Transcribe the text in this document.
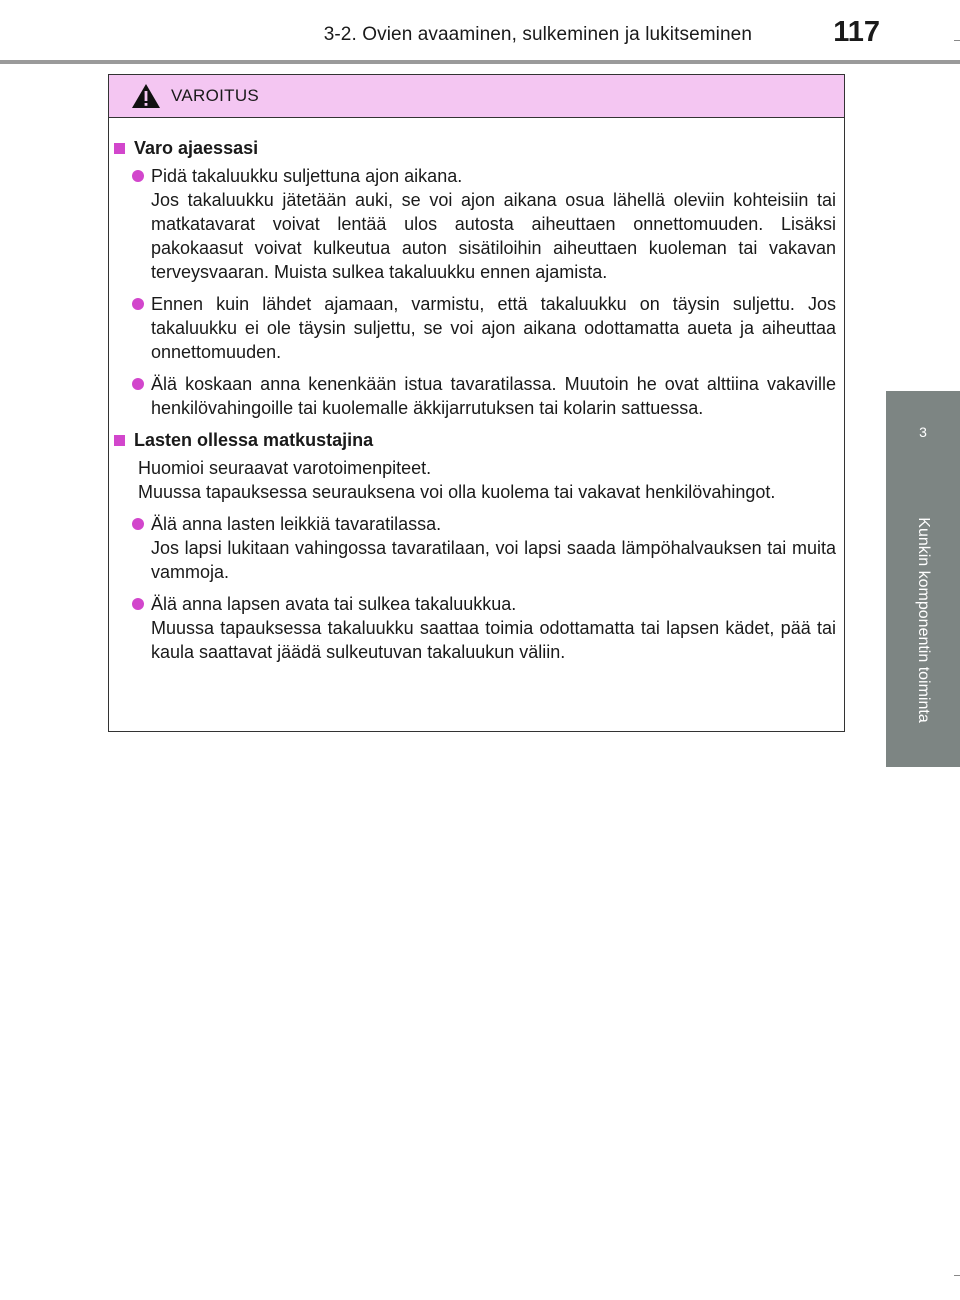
3-2. Ovien avaaminen, sulkeminen ja lukitseminen	117
3
Kunkin komponentin toiminta
VAROITUS
Varo ajaessasi

Pidä takaluukku suljettuna ajon aikana.

Jos takaluukku jätetään auki, se voi ajon aikana osua lähellä oleviin kohteisiin tai matkatavarat voivat lentää ulos autosta aiheuttaen onnettomuuden. Lisäksi pakokaasut voivat kulkeutua auton sisätiloihin aiheuttaen kuoleman tai vakavan terveysvaaran. Muista sulkea takaluukku ennen ajamista.

Ennen kuin lähdet ajamaan, varmistu, että takaluukku on täysin suljettu. Jos takaluukku ei ole täysin suljettu, se voi ajon aikana odottamatta aueta ja aiheuttaa onnettomuuden.

Älä koskaan anna kenenkään istua tavaratilassa. Muutoin he ovat alttiina vakaville henkilövahingoille tai kuolemalle äkkijarrutuksen tai kolarin sattuessa.

Lasten ollessa matkustajina

Huomioi seuraavat varotoimenpiteet.

Muussa tapauksessa seurauksena voi olla kuolema tai vakavat henkilövahingot.

Älä anna lasten leikkiä tavaratilassa.

Jos lapsi lukitaan vahingossa tavaratilaan, voi lapsi saada lämpöhalvauksen tai muita vammoja.

Älä anna lapsen avata tai sulkea takaluukkua.

Muussa tapauksessa takaluukku saattaa toimia odottamatta tai lapsen kädet, pää tai kaula saattavat jäädä sulkeutuvan takaluukun väliin.
